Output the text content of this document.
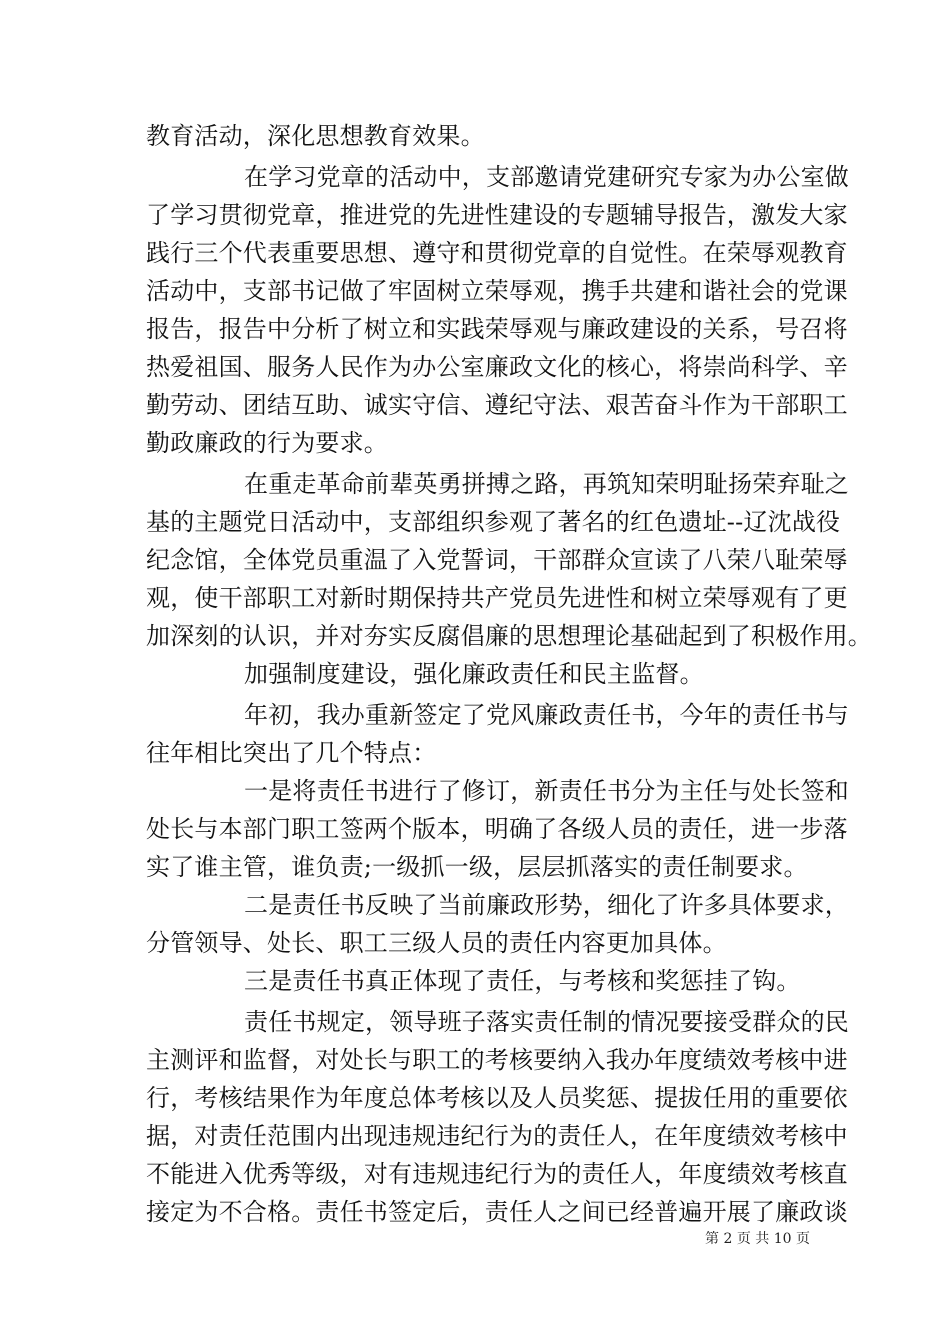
教育活动，深化思想教育效果。
在学习党章的活动中，支部邀请党建研究专家为办公室做
了学习贯彻党章，推进党的先进性建设的专题辅导报告，激发大家
践行三个代表重要思想、遵守和贯彻党章的自觉性。在荣辱观教育
活动中，支部书记做了牢固树立荣辱观，携手共建和谐社会的党课
报告，报告中分析了树立和实践荣辱观与廉政建设的关系，号召将
热爱祖国、服务人民作为办公室廉政文化的核心，将崇尚科学、辛
勤劳动、团结互助、诚实守信、遵纪守法、艰苦奋斗作为干部职工
勤政廉政的行为要求。
在重走革命前辈英勇拼搏之路，再筑知荣明耻扬荣弃耻之
基的主题党日活动中，支部组织参观了著名的红色遗址--辽沈战役
纪念馆，全体党员重温了入党誓词，干部群众宣读了八荣八耻荣辱
观，使干部职工对新时期保持共产党员先进性和树立荣辱观有了更
加深刻的认识，并对夯实反腐倡廉的思想理论基础起到了积极作用。
加强制度建设，强化廉政责任和民主监督。
年初，我办重新签定了党风廉政责任书，今年的责任书与
往年相比突出了几个特点：
一是将责任书进行了修订，新责任书分为主任与处长签和
处长与本部门职工签两个版本，明确了各级人员的责任，进一步落
实了谁主管，谁负责;一级抓一级，层层抓落实的责任制要求。
二是责任书反映了当前廉政形势，细化了许多具体要求，
分管领导、处长、职工三级人员的责任内容更加具体。
三是责任书真正体现了责任，与考核和奖惩挂了钩。
责任书规定，领导班子落实责任制的情况要接受群众的民
主测评和监督，对处长与职工的考核要纳入我办年度绩效考核中进
行，考核结果作为年度总体考核以及人员奖惩、提拔任用的重要依
据，对责任范围内出现违规违纪行为的责任人，在年度绩效考核中
不能进入优秀等级，对有违规违纪行为的责任人，年度绩效考核直
接定为不合格。责任书签定后，责任人之间已经普遍开展了廉政谈
第 2 页 共 10 页
